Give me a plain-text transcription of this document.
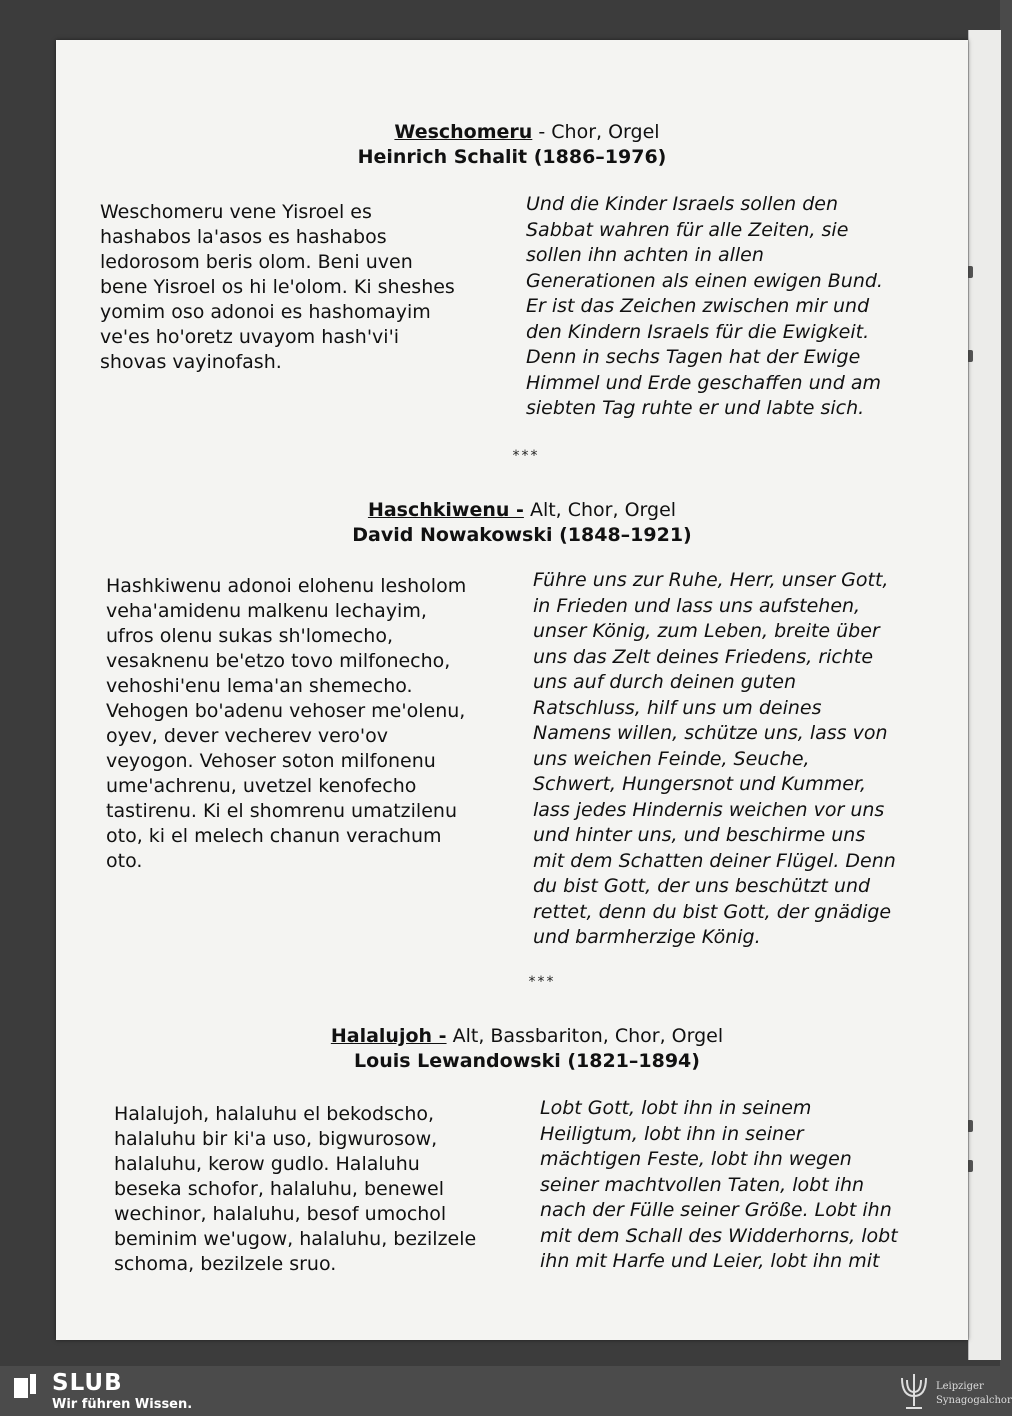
Weschomeru - Chor, Orgel
Heinrich Schalit (1886–1976)

Weschomeru vene Yisroel es
hashabos la'asos es hashabos
ledorosom beris olom. Beni uven
bene Yisroel os hi le'olom. Ki sheshes
yomim oso adonoi es hashomayim
ve'es ho'oretz uvayom hash'vi'i
shovas vayinofash.

Und die Kinder Israels sollen den
Sabbat wahren für alle Zeiten, sie
sollen ihn achten in allen
Generationen als einen ewigen Bund.
Er ist das Zeichen zwischen mir und
den Kindern Israels für die Ewigkeit.
Denn in sechs Tagen hat der Ewige
Himmel und Erde geschaffen und am
siebten Tag ruhte er und labte sich.

***
Haschkiwenu - Alt, Chor, Orgel
David Nowakowski (1848–1921)

Hashkiwenu adonoi elohenu lesholom
veha'amidenu malkenu lechayim,
ufros olenu sukas sh'lomecho,
vesaknenu be'etzo tovo milfonecho,
vehoshi'enu lema'an shemecho.
Vehogen bo'adenu vehoser me'olenu,
oyev, dever vecherev vero'ov
veyogon. Vehoser soton milfonenu
ume'achrenu, uvetzel kenofecho
tastirenu. Ki el shomrenu umatzilenu
oto, ki el melech chanun verachum
oto.

Führe uns zur Ruhe, Herr, unser Gott,
in Frieden und lass uns aufstehen,
unser König, zum Leben, breite über
uns das Zelt deines Friedens, richte
uns auf durch deinen guten
Ratschluss, hilf uns um deines
Namens willen, schütze uns, lass von
uns weichen Feinde, Seuche,
Schwert, Hungersnot und Kummer,
lass jedes Hindernis weichen vor uns
und hinter uns, und beschirme uns
mit dem Schatten deiner Flügel. Denn
du bist Gott, der uns beschützt und
rettet, denn du bist Gott, der gnädige
und barmherzige König.

***
Halalujoh - Alt, Bassbariton, Chor, Orgel
Louis Lewandowski (1821–1894)

Halalujoh, halaluhu el bekodscho,
halaluhu bir ki'a uso, bigwurosow,
halaluhu, kerow gudlo. Halaluhu
beseka schofor, halaluhu, benewel
wechinor, halaluhu, besof umochol
beminim we'ugow, halaluhu, bezilzele
schoma, bezilzele sruo.

Lobt Gott, lobt ihn in seinem
Heiligtum, lobt ihn in seiner
mächtigen Feste, lobt ihn wegen
seiner machtvollen Taten, lobt ihn
nach der Fülle seiner Größe. Lobt ihn
mit dem Schall des Widderhorns, lobt
ihn mit Harfe und Leier, lobt ihn mit

SLUB
Wir führen Wissen.
Leipziger
Synagogalchor
